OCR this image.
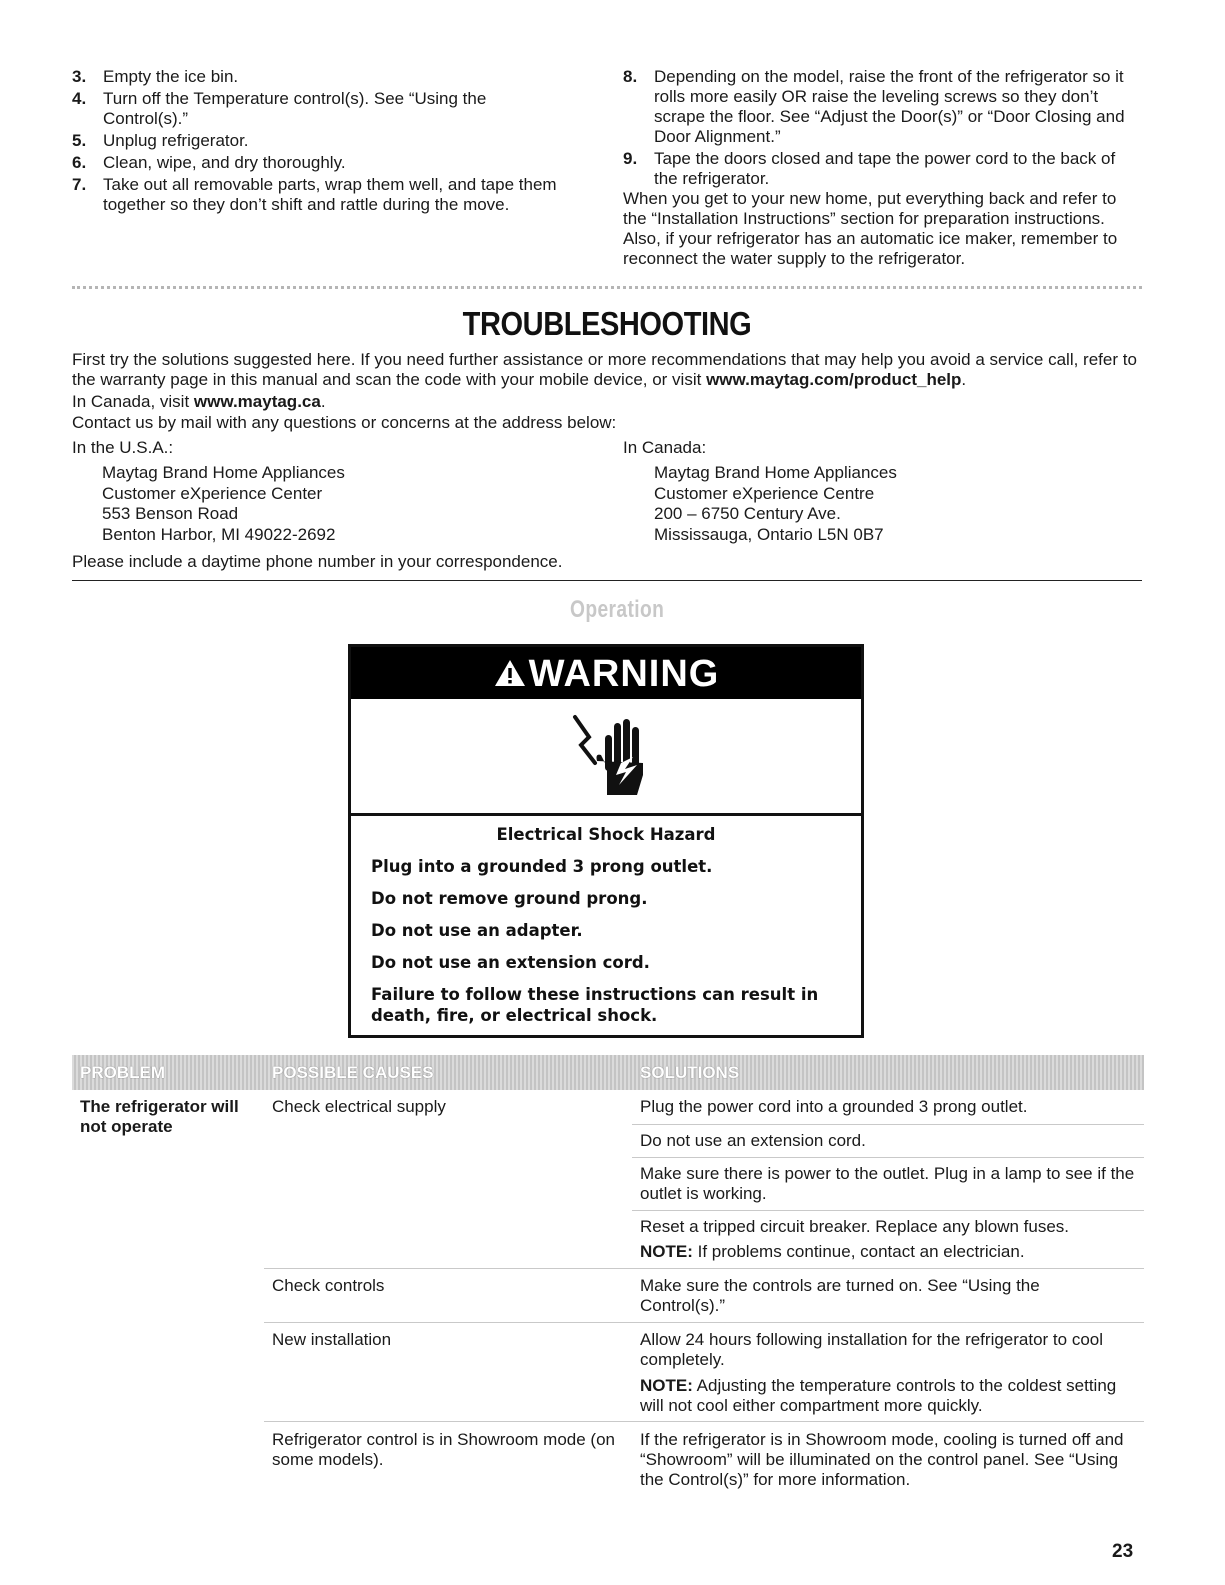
3. Empty the ice bin.
4. Turn off the Temperature control(s). See “Using the Control(s).”
5. Unplug refrigerator.
6. Clean, wipe, and dry thoroughly.
7. Take out all removable parts, wrap them well, and tape them together so they don’t shift and rattle during the move.
8. Depending on the model, raise the front of the refrigerator so it rolls more easily OR raise the leveling screws so they don’t scrape the floor. See “Adjust the Door(s)” or “Door Closing and Door Alignment.”
9. Tape the doors closed and tape the power cord to the back of the refrigerator.
When you get to your new home, put everything back and refer to the “Installation Instructions” section for preparation instructions. Also, if your refrigerator has an automatic ice maker, remember to reconnect the water supply to the refrigerator.
TROUBLESHOOTING
First try the solutions suggested here. If you need further assistance or more recommendations that may help you avoid a service call, refer to the warranty page in this manual and scan the code with your mobile device, or visit www.maytag.com/product_help.
In Canada, visit www.maytag.ca.
Contact us by mail with any questions or concerns at the address below:
In the U.S.A.:
Maytag Brand Home Appliances
Customer eXperience Center
553 Benson Road
Benton Harbor, MI 49022-2692
In Canada:
Maytag Brand Home Appliances
Customer eXperience Centre
200 – 6750 Century Ave.
Mississauga, Ontario L5N 0B7
Please include a daytime phone number in your correspondence.
Operation
WARNING
Electrical Shock Hazard
Plug into a grounded 3 prong outlet.
Do not remove ground prong.
Do not use an adapter.
Do not use an extension cord.
Failure to follow these instructions can result in death, fire, or electrical shock.
PROBLEM	POSSIBLE CAUSES	SOLUTIONS
The refrigerator will not operate
Check electrical supply
Check controls
New installation
Refrigerator control is in Showroom mode (on some models).
Plug the power cord into a grounded 3 prong outlet.
Do not use an extension cord.
Make sure there is power to the outlet. Plug in a lamp to see if the outlet is working.
Reset a tripped circuit breaker. Replace any blown fuses.
NOTE: If problems continue, contact an electrician.
Make sure the controls are turned on. See “Using the Control(s).”
Allow 24 hours following installation for the refrigerator to cool completely.
NOTE: Adjusting the temperature controls to the coldest setting will not cool either compartment more quickly.
If the refrigerator is in Showroom mode, cooling is turned off and “Showroom” will be illuminated on the control panel. See “Using the Control(s)” for more information.
23
